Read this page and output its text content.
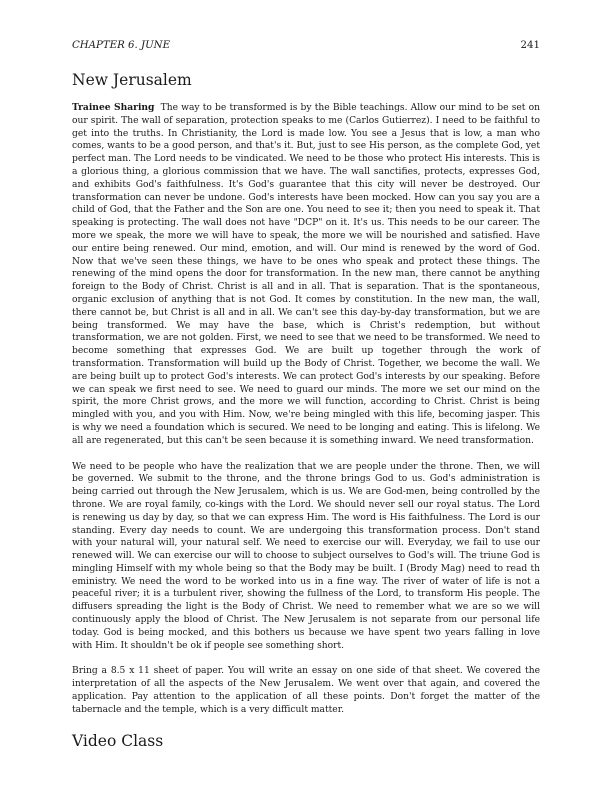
CHAPTER 6. JUNE	241
New Jerusalem

Trainee Sharing The way to be transformed is by the Bible teachings. Allow our mind to be set on our spirit. The wall of separation, protection speaks to me (Carlos Gutierrez). I need to be faithful to get into the truths. In Christianity, the Lord is made low. You see a Jesus that is low, a man who comes, wants to be a good person, and that's it. But, just to see His person, as the complete God, yet perfect man. The Lord needs to be vindicated. We need to be those who protect His interests. This is a glorious thing, a glorious commission that we have. The wall sanctifies, protects, expresses God, and exhibits God's faithfulness. It's God's guarantee that this city will never be destroyed. Our transformation can never be undone. God's interests have been mocked. How can you say you are a child of God, that the Father and the Son are one. You need to see it; then you need to speak it. That speaking is protecting. The wall does not have "DCP" on it. It's us. This needs to be our career. The more we speak, the more we will have to speak, the more we will be nourished and satisfied. Have our entire being renewed. Our mind, emotion, and will. Our mind is renewed by the word of God. Now that we've seen these things, we have to be ones who speak and protect these things. The renewing of the mind opens the door for transformation. In the new man, there cannot be anything foreign to the Body of Christ. Christ is all and in all. That is separation. That is the spontaneous, organic exclusion of anything that is not God. It comes by constitution. In the new man, the wall, there cannot be, but Christ is all and in all. We can't see this day-by-day transformation, but we are being transformed. We may have the base, which is Christ's redemption, but without transformation, we are not golden. First, we need to see that we need to be transformed. We need to become something that expresses God. We are built up together through the work of transformation. Transformation will build up the Body of Christ. Together, we become the wall. We are being built up to protect God's interests. We can protect God's interests by our speaking. Before we can speak we first need to see. We need to guard our minds. The more we set our mind on the spirit, the more Christ grows, and the more we will function, according to Christ. Christ is being mingled with you, and you with Him. Now, we're being mingled with this life, becoming jasper. This is why we need a foundation which is secured. We need to be longing and eating. This is lifelong. We all are regenerated, but this can't be seen because it is something inward. We need transformation.

We need to be people who have the realization that we are people under the throne. Then, we will be governed. We submit to the throne, and the throne brings God to us. God's administration is being carried out through the New Jerusalem, which is us. We are God-men, being controlled by the throne. We are royal family, co-kings with the Lord. We should never sell our royal status. The Lord is renewing us day by day, so that we can express Him. The word is His faithfulness. The Lord is our standing. Every day needs to count. We are undergoing this transformation process. Don't stand with your natural will, your natural self. We need to exercise our will. Everyday, we fail to use our renewed will. We can exercise our will to choose to subject ourselves to God's will. The triune God is mingling Himself with my whole being so that the Body may be built. I (Brody Mag) need to read th eministry. We need the word to be worked into us in a fine way. The river of water of life is not a peaceful river; it is a turbulent river, showing the fullness of the Lord, to transform His people. The diffusers spreading the light is the Body of Christ. We need to remember what we are so we will continuously apply the blood of Christ. The New Jerusalem is not separate from our personal life today. God is being mocked, and this bothers us because we have spent two years falling in love with Him. It shouldn't be ok if people see something short.

Bring a 8.5 x 11 sheet of paper. You will write an essay on one side of that sheet. We covered the interpretation of all the aspects of the New Jerusalem. We went over that again, and covered the application. Pay attention to the application of all these points. Don't forget the matter of the tabernacle and the temple, which is a very difficult matter.

Video Class
